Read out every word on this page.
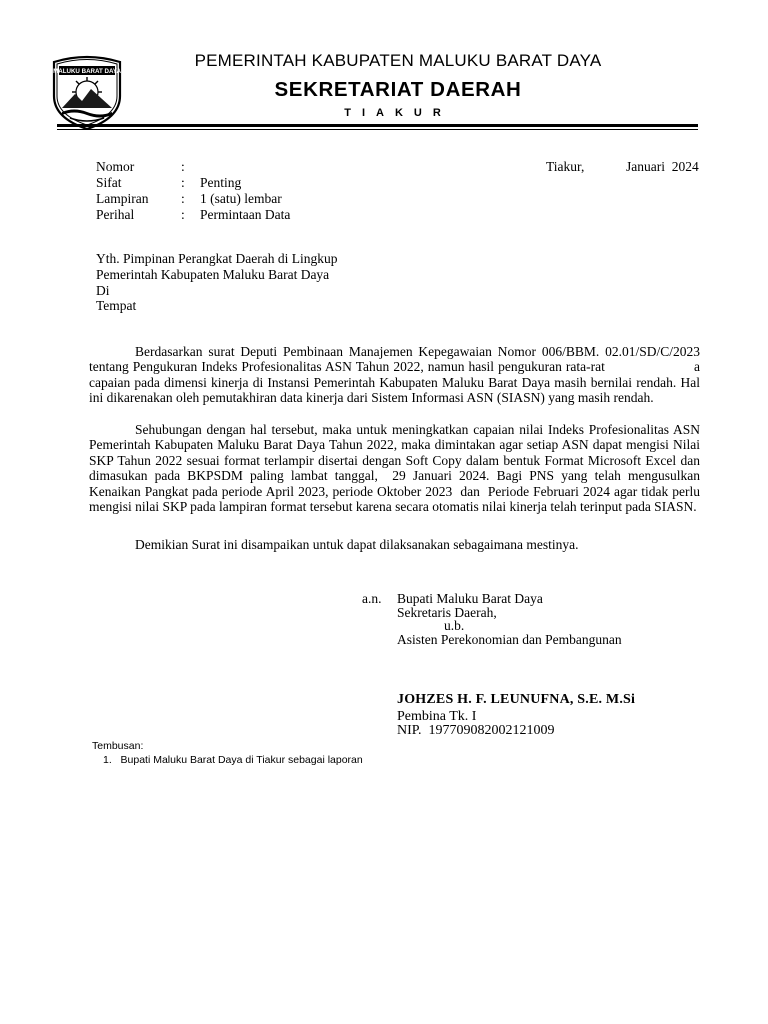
MALUKU BARAT DAYA
PEMERINTAH KABUPATEN MALUKU BARAT DAYA
SEKRETARIAT DAERAH
TIAKUR
Nomor	:
Sifat	: Penting
Lampiran : 1 (satu) lembar
Perihal	: Permintaan Data
Tiakur,	Januari  2024
Yth. Pimpinan Perangkat Daerah di Lingkup
Pemerintah Kabupaten Maluku Barat Daya
Di
Tempat
Berdasarkan surat Deputi Pembinaan Manajemen Kepegawaian Nomor 006/BBM. 02.01/SD/C/2023 tentang Pengukuran Indeks Profesionalitas ASN Tahun 2022, namun hasil pengukuran rata-rat                      a capaian pada dimensi kinerja di Instansi Pemerintah Kabupaten Maluku Barat Daya masih bernilai rendah. Hal ini dikarenakan oleh pemutakhiran data kinerja dari Sistem Informasi ASN (SIASN) yang masih rendah.
Sehubungan dengan hal tersebut, maka untuk meningkatkan capaian nilai Indeks Profesionalitas ASN Pemerintah Kabupaten Maluku Barat Daya Tahun 2022, maka dimintakan agar setiap ASN dapat mengisi Nilai SKP Tahun 2022 sesuai format terlampir disertai dengan Soft Copy dalam bentuk Format Microsoft Excel dan dimasukan pada BKPSDM paling lambat tanggal,  29 Januari 2024. Bagi PNS yang telah mengusulkan Kenaikan Pangkat pada periode April 2023, periode Oktober 2023  dan  Periode Februari 2024 agar tidak perlu mengisi nilai SKP pada lampiran format tersebut karena secara otomatis nilai kinerja telah terinput pada SIASN.
Demikian Surat ini disampaikan untuk dapat dilaksanakan sebagaimana mestinya.
a.n. Bupati Maluku Barat Daya
Sekretaris Daerah,
u.b.
Asisten Perekonomian dan Pembangunan
JOHZES H. F. LEUNUFNA, S.E. M.Si
Pembina Tk. I
NIP.  197709082002121009
Tembusan:
1.   Bupati Maluku Barat Daya di Tiakur sebagai laporan
